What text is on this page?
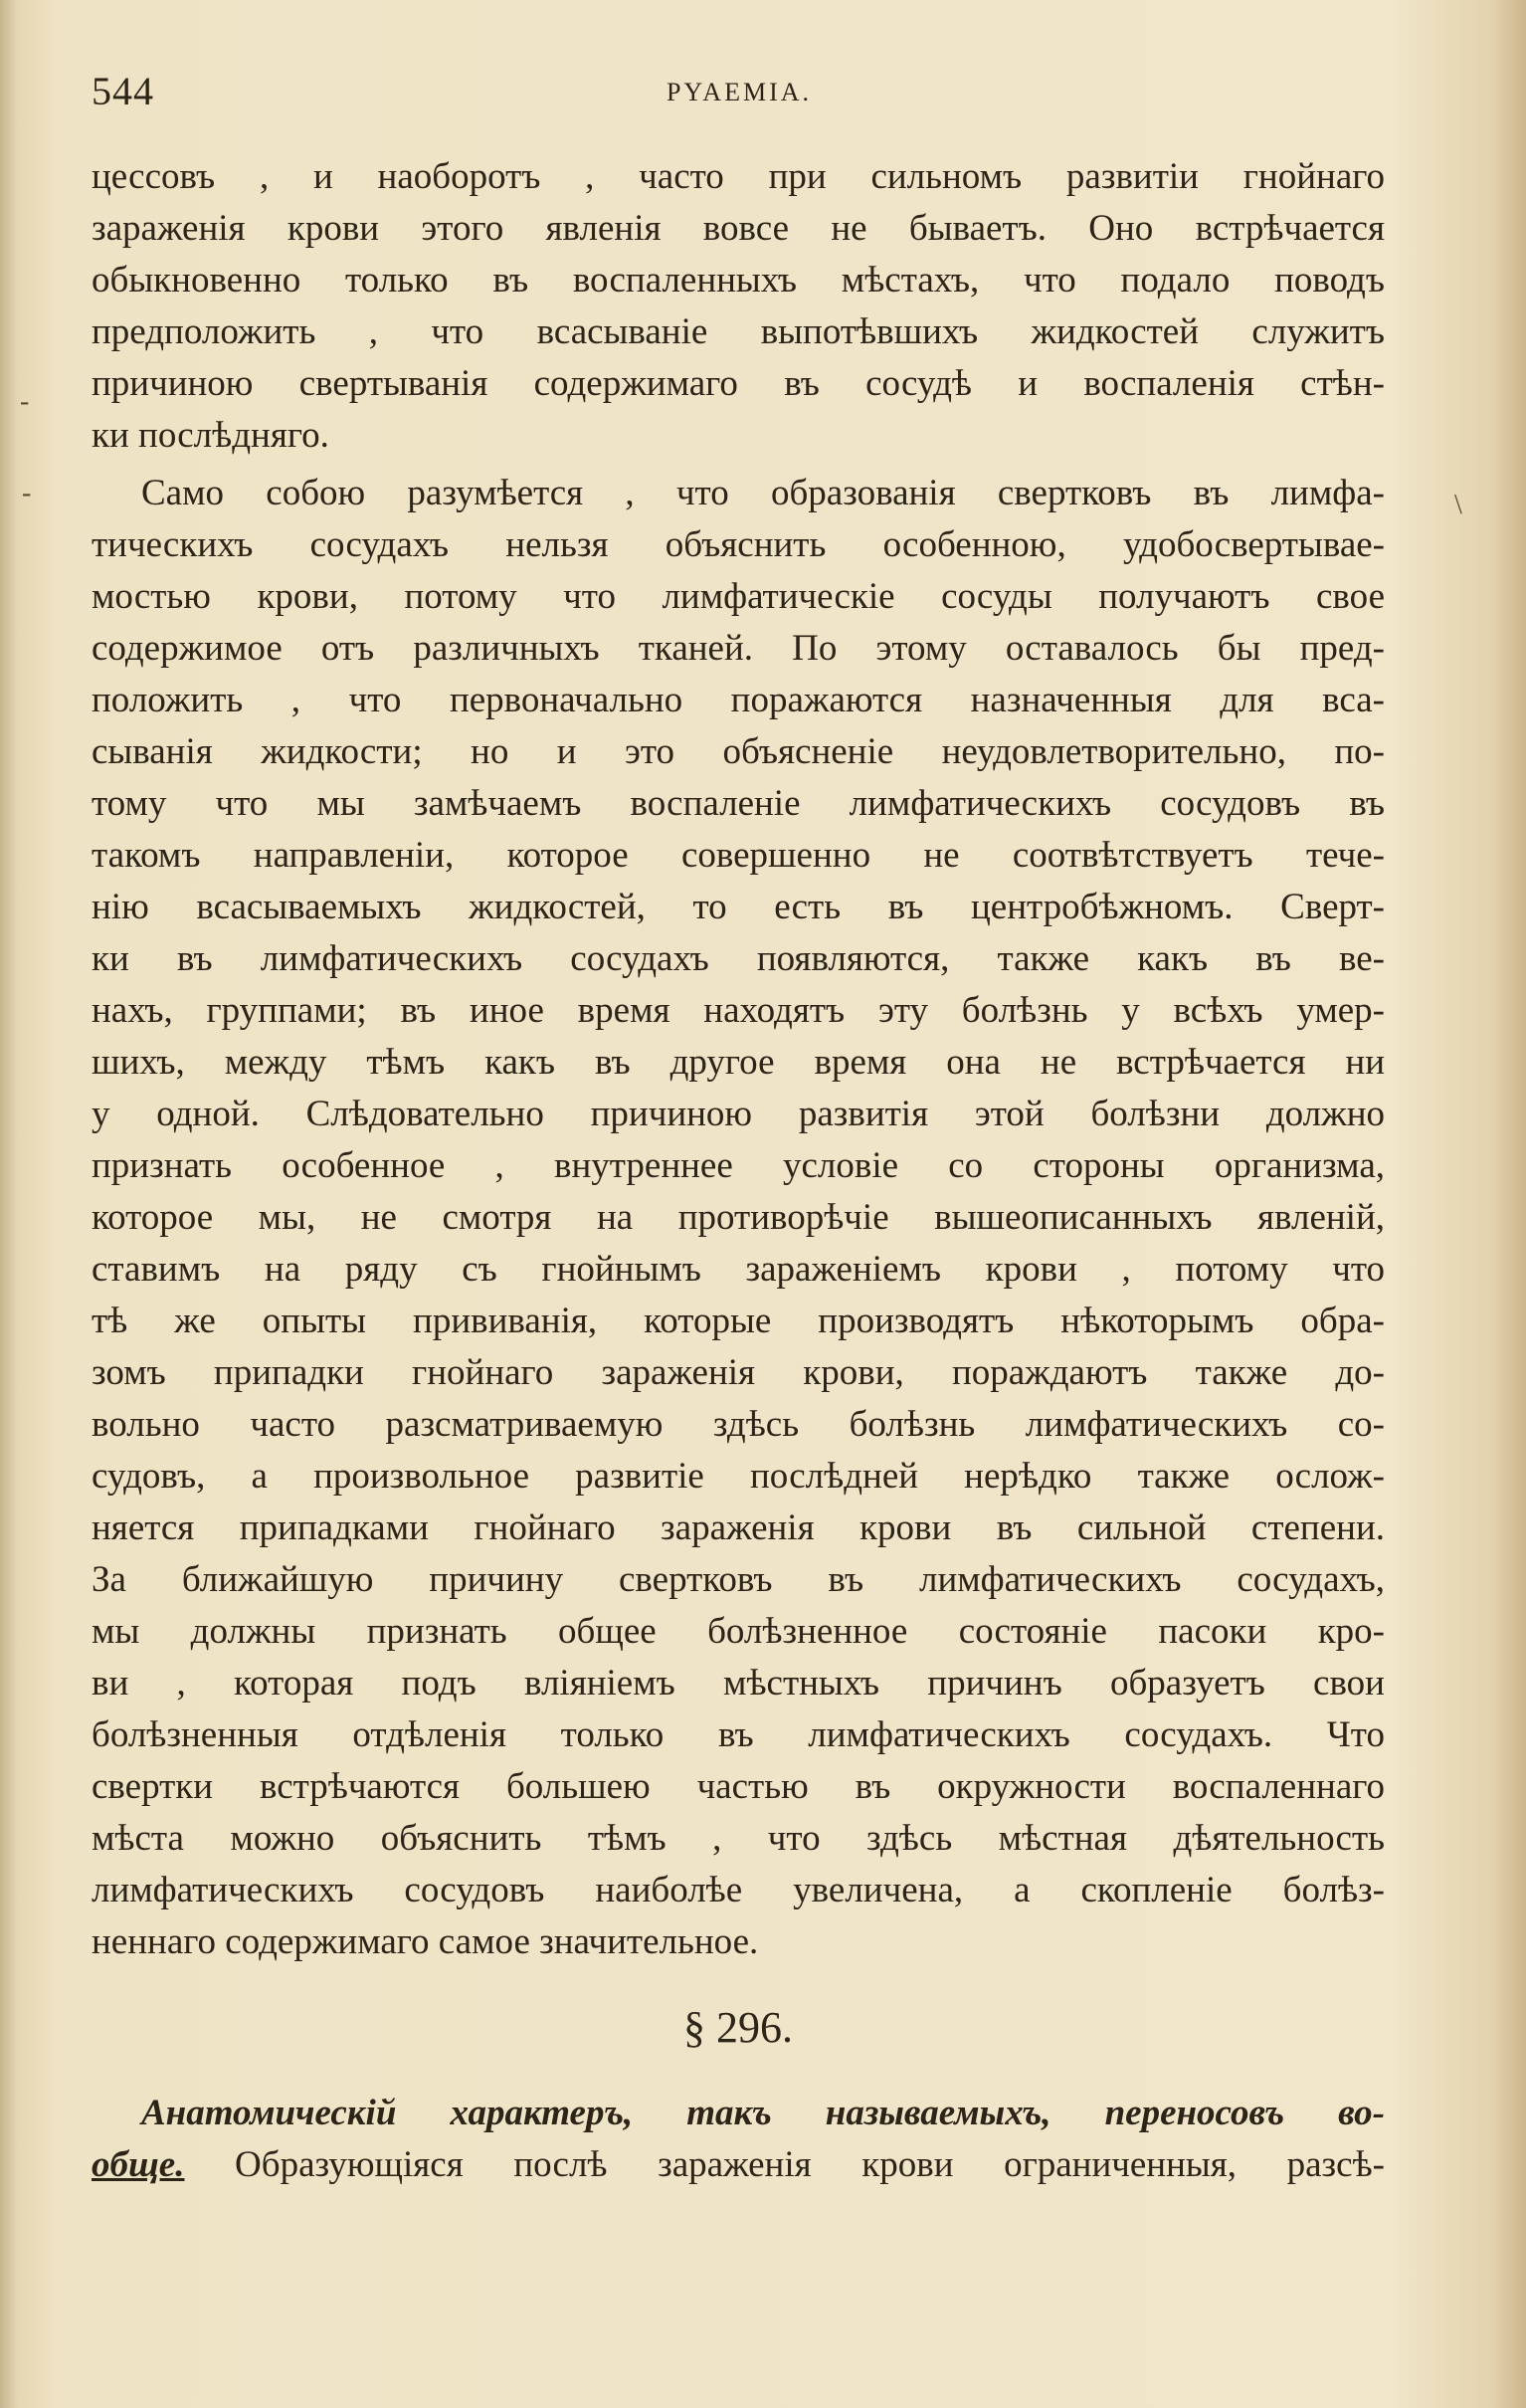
544	PYAEMIA.
-
-	\
цессовъ , и наоборотъ , часто при сильномъ развитіи гнойнаго
зараженія крови этого явленія вовсе не бываетъ. Оно встрѣчается
обыкновенно только въ воспаленныхъ мѣстахъ, что подало поводъ
предположить , что всасываніе выпотѣвшихъ жидкостей служитъ
причиною свертыванія содержимаго въ сосудѣ и воспаленія стѣн-
ки послѣдняго.
Само собою разумѣется , что образованія свертковъ въ лимфа-
тическихъ сосудахъ нельзя объяснить особенною, удобосвертывае-
мостью крови, потому что лимфатическіе сосуды получаютъ свое
содержимое отъ различныхъ тканей. По этому оставалось бы пред-
положить , что первоначально поражаются назначенныя для вса-
сыванія жидкости; но и это объясненіе неудовлетворительно, по-
тому что мы замѣчаемъ воспаленіе лимфатическихъ сосудовъ въ
такомъ направленіи, которое совершенно не соотвѣтствуетъ тече-
нію всасываемыхъ жидкостей, то есть въ центробѣжномъ. Сверт-
ки въ лимфатическихъ сосудахъ появляются, также какъ въ ве-
нахъ, группами; въ иное время находятъ эту болѣзнь у всѣхъ умер-
шихъ, между тѣмъ какъ въ другое время она не встрѣчается ни
у одной. Слѣдовательно причиною развитія этой болѣзни должно
признать особенное , внутреннее условіе со стороны организма,
которое мы, не смотря на противорѣчіе вышеописанныхъ явленій,
ставимъ на ряду съ гнойнымъ зараженіемъ крови , потому что
тѣ же опыты прививанія, которые производятъ нѣкоторымъ обра-
зомъ припадки гнойнаго зараженія крови, пораждаютъ также до-
вольно часто разсматриваемую здѣсь болѣзнь лимфатическихъ со-
судовъ, а произвольное развитіе послѣдней нерѣдко также ослож-
няется припадками гнойнаго зараженія крови въ сильной степени.
За ближайшую причину свертковъ въ лимфатическихъ сосудахъ,
мы должны признать общее болѣзненное состояніе пасоки кро-
ви , которая подъ вліяніемъ мѣстныхъ причинъ образуетъ свои
болѣзненныя отдѣленія только въ лимфатическихъ сосудахъ. Что
свертки встрѣчаются большею частью въ окружности воспаленнаго
мѣста можно объяснить тѣмъ , что здѣсь мѣстная дѣятельность
лимфатическихъ сосудовъ наиболѣе увеличена, а скопленіе болѣз-
неннаго содержимаго самое значительное.
§ 296.
Анатомическій характеръ, такъ называемыхъ, переносовъ во-
обще. Образующіяся послѣ зараженія крови ограниченныя, разсѣ-
